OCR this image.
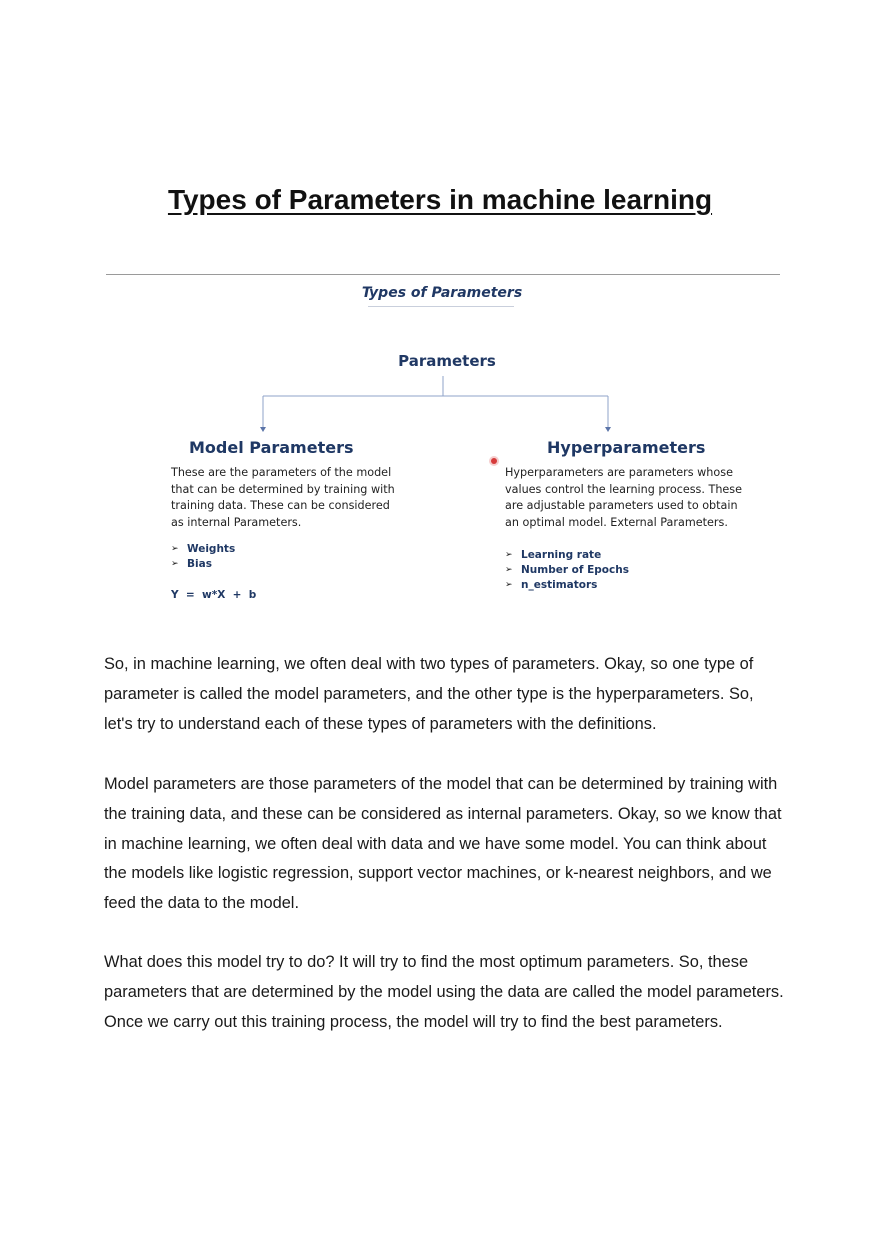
Types of Parameters in machine learning
Types of Parameters
Parameters
Model Parameters
These are the parameters of the model
that can be determined by training with
training data. These can be considered
as internal Parameters.
➢ Weights
➢ Bias
Y  =  w*X  +  b
Hyperparameters
Hyperparameters are parameters whose
values control the learning process. These
are adjustable parameters used to obtain
an optimal model. External Parameters.
➢ Learning rate
➢ Number of Epochs
➢ n_estimators

So, in machine learning, we often deal with two types of parameters. Okay, so one type of parameter is called the model parameters, and the other type is the hyperparameters. So, let's try to understand each of these types of parameters with the definitions.

Model parameters are those parameters of the model that can be determined by training with the training data, and these can be considered as internal parameters. Okay, so we know that in machine learning, we often deal with data and we have some model. You can think about the models like logistic regression, support vector machines, or k-nearest neighbors, and we feed the data to the model.

What does this model try to do? It will try to find the most optimum parameters. So, these parameters that are determined by the model using the data are called the model parameters. Once we carry out this training process, the model will try to find the best parameters.
